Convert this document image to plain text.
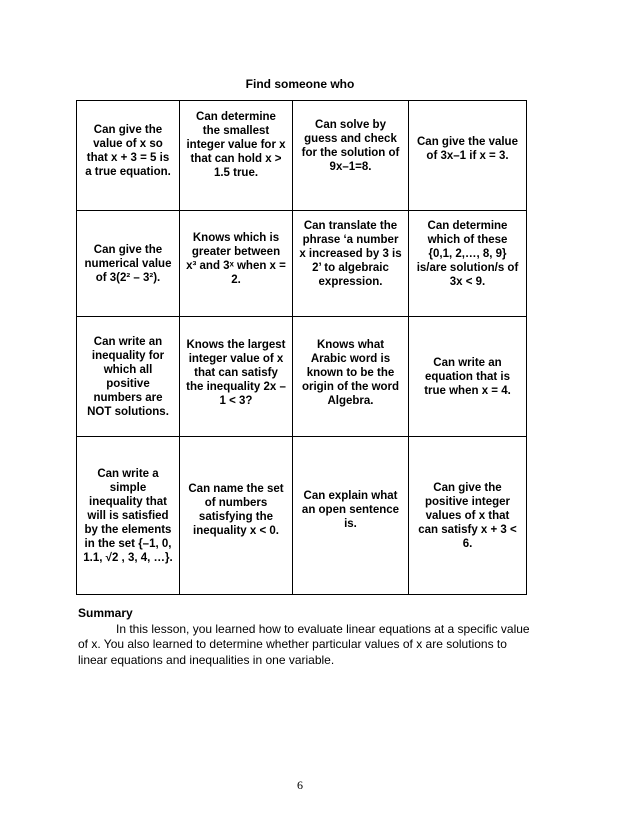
Find someone who
Can give the value of x so that x + 3 = 5 is a true equation.	Can determine the smallest integer value for x that can hold x > 1.5 true.	Can solve by guess and check for the solution of 9x–1=8.	Can give the value of 3x–1 if x = 3.
Can give the numerical value of 3(2² – 3²).	Knows which is greater between x³ and 3ˣ when x = 2.	Can translate the phrase ‘a number x increased by 3 is 2’ to algebraic expression.	Can determine which of these {0,1, 2,…, 8, 9} is/are solution/s of 3x < 9.
Can write an inequality for which all positive numbers are NOT solutions.	Knows the largest integer value of x that can satisfy the inequality 2x – 1 < 3?	Knows what Arabic word is known to be the origin of the word Algebra.	Can write an equation that is true when x = 4.
Can write a simple inequality that will is satisfied by the elements in the set {–1, 0, 1.1, √2 , 3, 4, …}.	Can name the set of numbers satisfying the inequality x < 0.	Can explain what an open sentence is.	Can give the positive integer values of x that can satisfy x + 3 < 6.
Summary

In this lesson, you learned how to evaluate linear equations at a specific value of x. You also learned to determine whether particular values of x are solutions to linear equations and inequalities in one variable.

6
